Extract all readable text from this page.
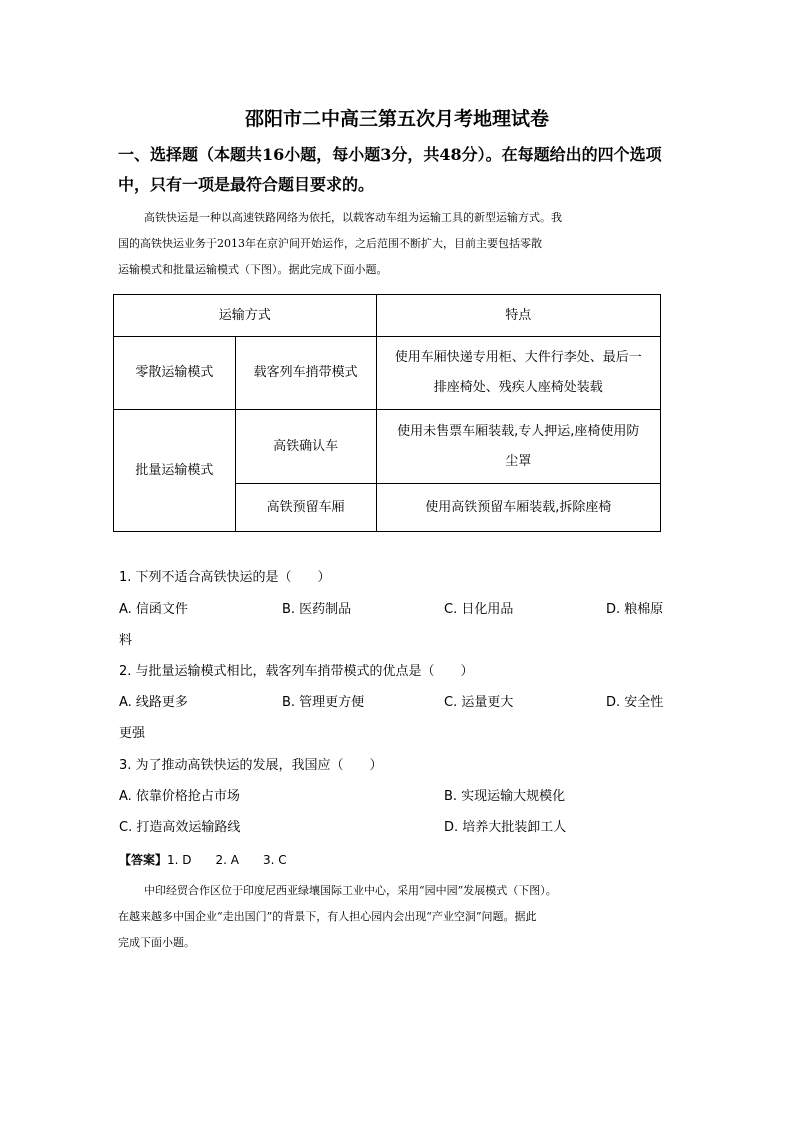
邵阳市二中高三第五次月考地理试卷
一、选择题（本题共16小题，每小题3分，共48分）。在每题给出的四个选项
中，只有一项是最符合题目要求的。
高铁快运是一种以高速铁路网络为依托，以载客动车组为运输工具的新型运输方式。我
国的高铁快运业务于2013年在京沪间开始运作，之后范围不断扩大，目前主要包括零散
运输模式和批量运输模式（下图）。据此完成下面小题。
运输方式		特点
零散运输模式	载客列车捎带模式	使用车厢快递专用柜、大件行李处、最后一
排座椅处、残疾人座椅处装载

批量运输模式	高铁确认车	使用未售票车厢装载,专人押运,座椅使用防
尘罩

	高铁预留车厢	使用高铁预留车厢装载,拆除座椅
1. 下列不适合高铁快运的是（　　）
A. 信函文件	B. 医药制品	C. 日化用品	D. 粮棉原
料
2. 与批量运输模式相比，载客列车捎带模式的优点是（　　）
A. 线路更多	B. 管理更方便	C. 运量更大	D. 安全性
更强
3. 为了推动高铁快运的发展，我国应（　　）
A. 依靠价格抢占市场	B. 实现运输大规模化
C. 打造高效运输路线	D. 培养大批装卸工人
【答案】1. D　　2. A　　3. C
中印经贸合作区位于印度尼西亚绿壤国际工业中心，采用“园中园”发展模式（下图）。
在越来越多中国企业“走出国门”的背景下，有人担心园内会出现“产业空洞”问题。据此
完成下面小题。
